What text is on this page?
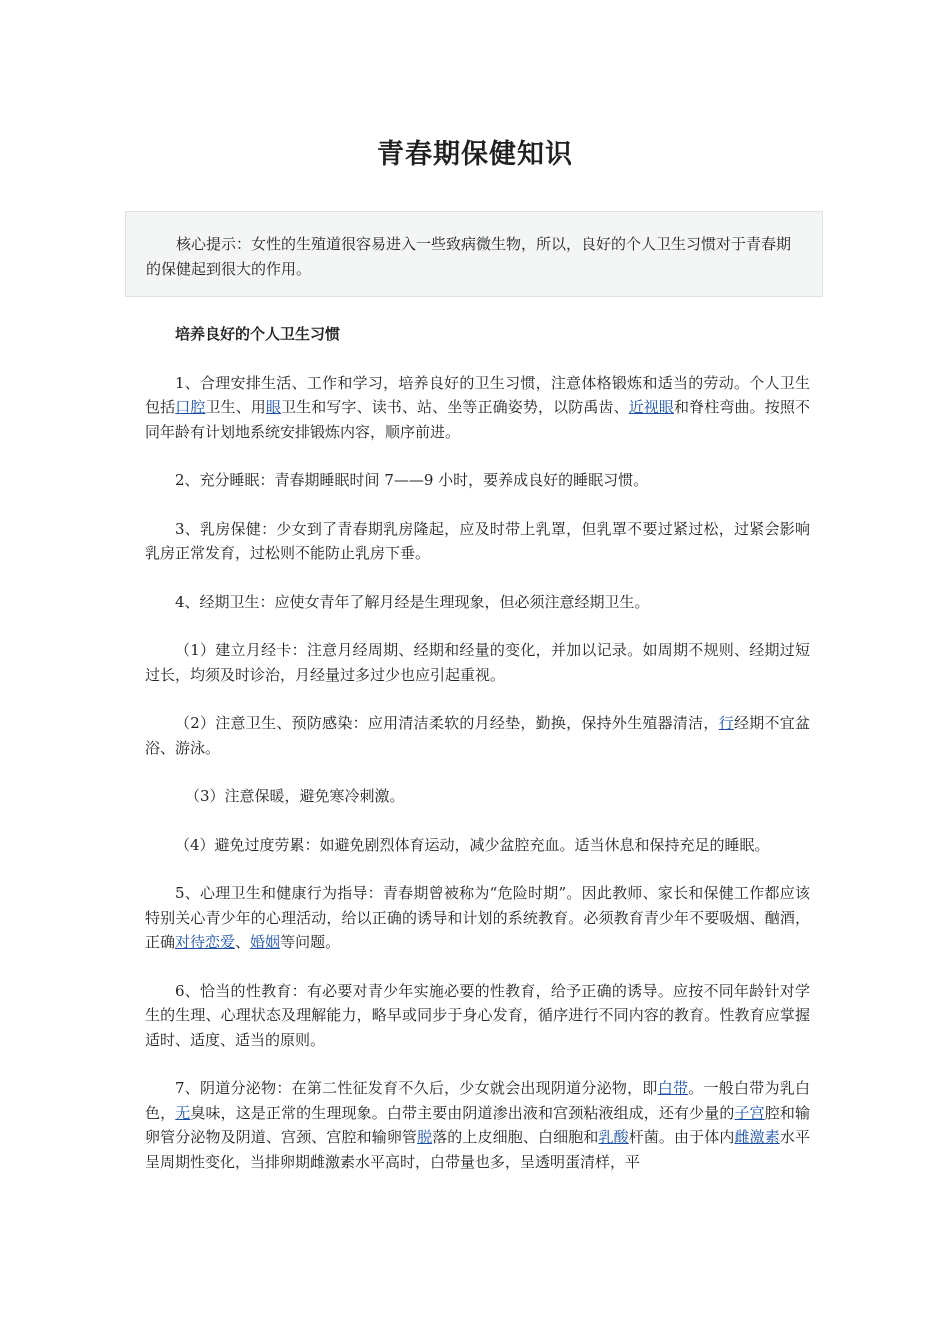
青春期保健知识

核心提示：女性的生殖道很容易进入一些致病微生物，所以，良好的个人卫生习惯对于青春期的保健起到很大的作用。

培养良好的个人卫生习惯

1、合理安排生活、工作和学习，培养良好的卫生习惯，注意体格锻炼和适当的劳动。个人卫生包括口腔卫生、用眼卫生和写字、读书、站、坐等正确姿势，以防禹齿、近视眼和脊柱弯曲。按照不同年龄有计划地系统安排锻炼内容，顺序前进。

2、充分睡眠：青春期睡眠时间 7——9 小时，要养成良好的睡眠习惯。

3、乳房保健：少女到了青春期乳房隆起，应及时带上乳罩，但乳罩不要过紧过松，过紧会影响乳房正常发育，过松则不能防止乳房下垂。

4、经期卫生：应使女青年了解月经是生理现象，但必须注意经期卫生。

（1）建立月经卡：注意月经周期、经期和经量的变化，并加以记录。如周期不规则、经期过短过长，均须及时诊治，月经量过多过少也应引起重视。

（2）注意卫生、预防感染：应用清洁柔软的月经垫，勤换，保持外生殖器清洁，行经期不宜盆浴、游泳。

（3）注意保暖，避免寒冷刺激。

（4）避免过度劳累：如避免剧烈体育运动，减少盆腔充血。适当休息和保持充足的睡眠。

5、心理卫生和健康行为指导：青春期曾被称为“危险时期”。因此教师、家长和保健工作都应该特别关心青少年的心理活动，给以正确的诱导和计划的系统教育。必须教育青少年不要吸烟、酗酒，正确对待恋爱、婚姻等问题。

6、恰当的性教育：有必要对青少年实施必要的性教育，给予正确的诱导。应按不同年龄针对学生的生理、心理状态及理解能力，略早或同步于身心发育，循序进行不同内容的教育。性教育应掌握适时、适度、适当的原则。

7、阴道分泌物：在第二性征发育不久后，少女就会出现阴道分泌物，即白带。一般白带为乳白色，无臭味，这是正常的生理现象。白带主要由阴道渗出液和宫颈粘液组成，还有少量的子宫腔和输卵管分泌物及阴道、宫颈、宫腔和输卵管脱落的上皮细胞、白细胞和乳酸杆菌。由于体内雌激素水平呈周期性变化，当排卵期雌激素水平高时，白带量也多，呈透明蛋清样，平
